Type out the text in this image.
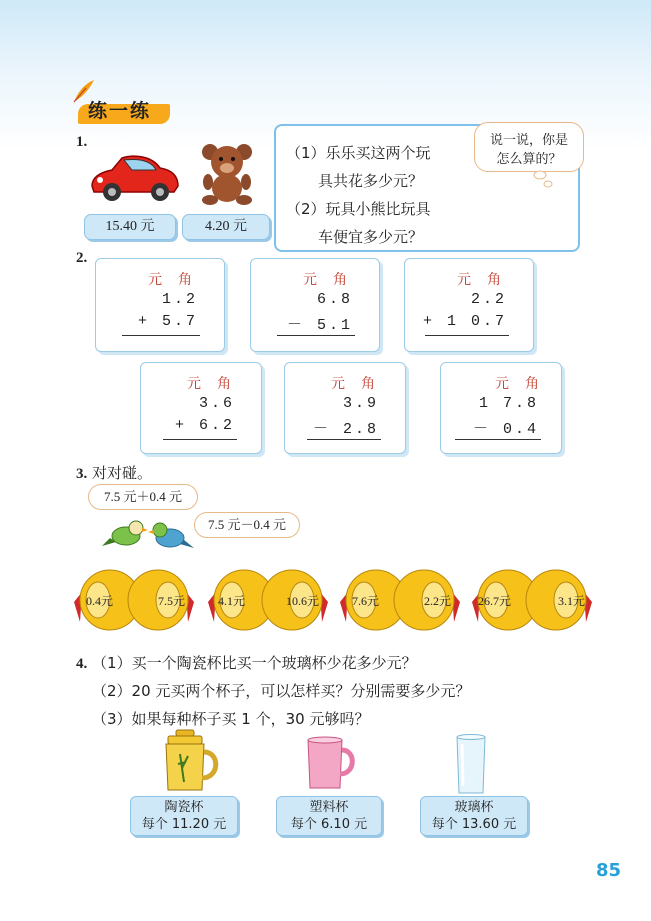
练一练
1.
15.40 元	4.20 元
（1）乐乐买这两个玩
具共花多少元？
（2）玩具小熊比玩具
车便宜多少元？
说一说，你是
怎么算的？
2.
元 角
1.2
+ 5.7
元 角
6.8
－ 5.1
元 角
2.2
+ 1 0.7
元 角
3.6
+ 6.2
元 角
3.9
－ 2.8
元 角
1 7.8
－ 0.4
3. 对对碰。
7.5 元＋0.4 元
7.5 元－0.4 元
0.4元	7.5元	4.1元	10.6元	7.6元	2.2元 26.7元	3.1元
4. （1）买一个陶瓷杯比买一个玻璃杯少花多少元？
（2）20 元买两个杯子，可以怎样买？分别需要多少元？
（3）如果每种杯子买 1 个，30 元够吗？
陶瓷杯
每个 11.20 元
塑料杯
每个 6.10 元
玻璃杯
每个 13.60 元
85
